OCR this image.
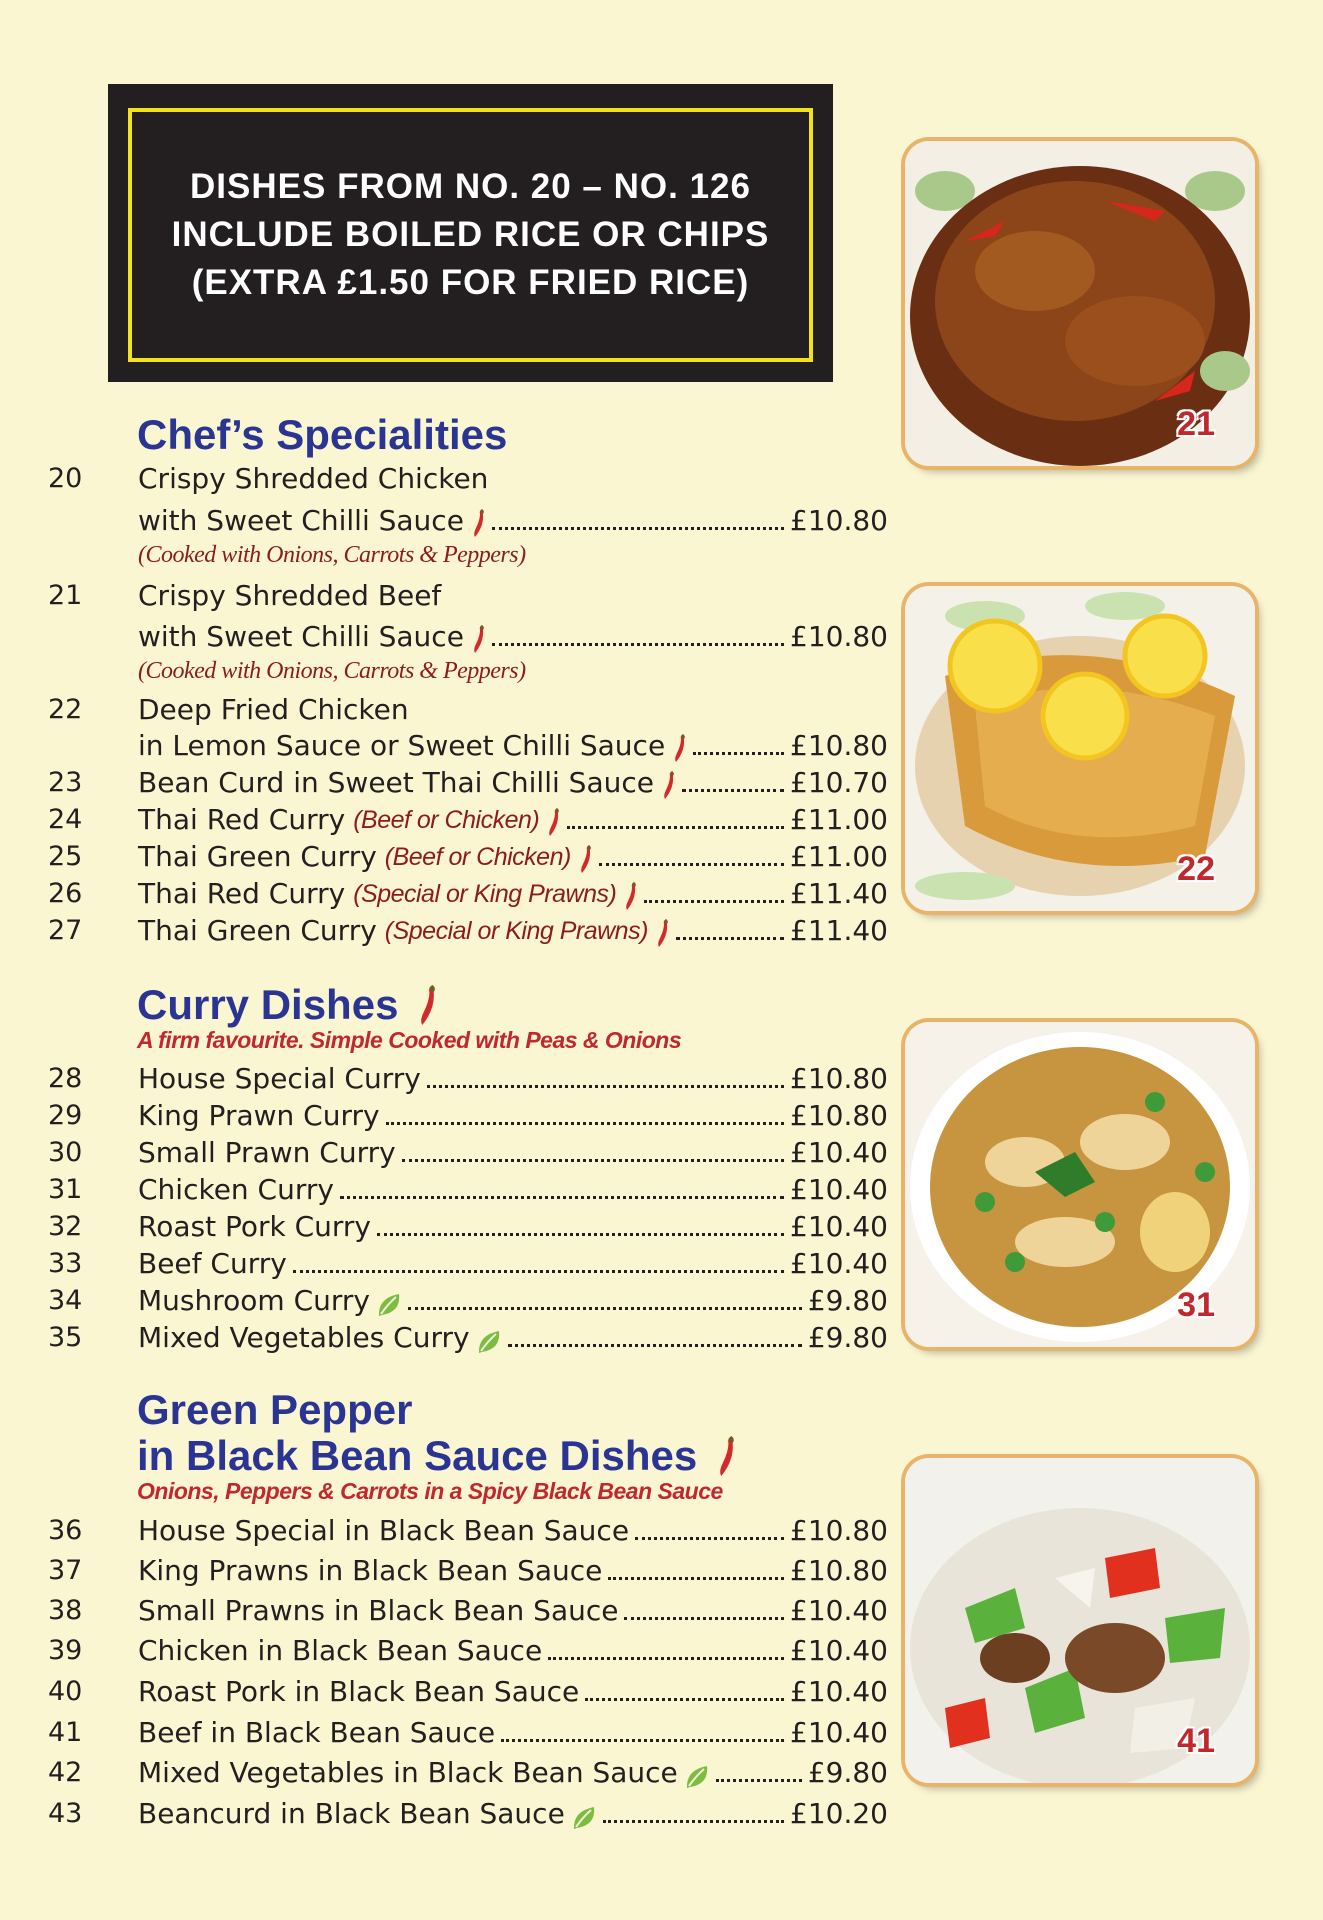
DISHES FROM NO. 20 – NO. 126
INCLUDE BOILED RICE OR CHIPS
(EXTRA £1.50 FOR FRIED RICE)
Chef’s Specialities
20	Crispy Shredded Chicken
with Sweet Chilli Sauce	£10.80
(Cooked with Onions, Carrots & Peppers)
21	Crispy Shredded Beef
with Sweet Chilli Sauce	£10.80
(Cooked with Onions, Carrots & Peppers)
22	Deep Fried Chicken
in Lemon Sauce or Sweet Chilli Sauce	£10.80
23	Bean Curd in Sweet Thai Chilli Sauce	£10.70
24	Thai Red Curry (Beef or Chicken)	£11.00
25	Thai Green Curry (Beef or Chicken)	£11.00
26	Thai Red Curry (Special or King Prawns)	£11.40
27	Thai Green Curry (Special or King Prawns)	£11.40
Curry Dishes
A firm favourite. Simple Cooked with Peas & Onions
28	House Special Curry	£10.80
29	King Prawn Curry	£10.80
30	Small Prawn Curry	£10.40
31	Chicken Curry	£10.40
32	Roast Pork Curry	£10.40
33	Beef Curry	£10.40
34	Mushroom Curry	£9.80
35	Mixed Vegetables Curry	£9.80
Green Pepper
in Black Bean Sauce Dishes
Onions, Peppers & Carrots in a Spicy Black Bean Sauce
36	House Special in Black Bean Sauce	£10.80
37	King Prawns in Black Bean Sauce	£10.80
38	Small Prawns in Black Bean Sauce	£10.40
39	Chicken in Black Bean Sauce	£10.40
40	Roast Pork in Black Bean Sauce	£10.40
41	Beef in Black Bean Sauce	£10.40
42	Mixed Vegetables in Black Bean Sauce	£9.80
43	Beancurd in Black Bean Sauce	£10.20
21
22
31
41
